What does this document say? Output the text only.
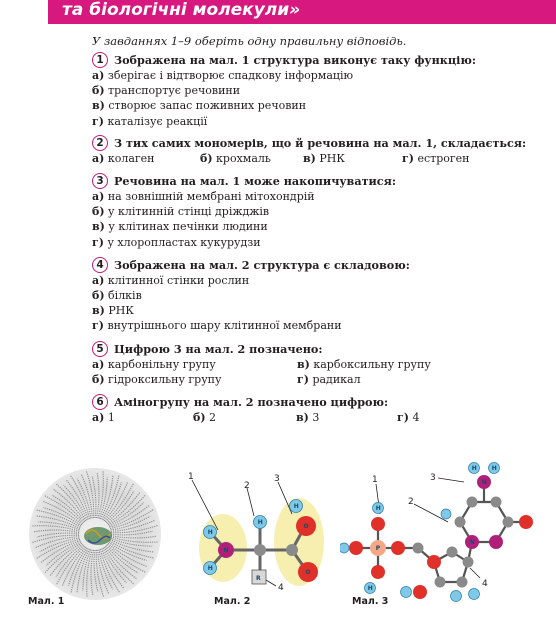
та біологічні молекули»
У завданнях 1–9 оберіть одну правильну відповідь.
1 Зображена на мал. 1 структура виконує таку функцію:
а) зберігає і відтворює спадкову інформацію
б) транспортує речовини
в) створює запас поживних речовин
г) каталізує реакції
2 З тих самих мономерів, що й речовина на мал. 1, складається:
а) колаген	б) крохмаль	в) РНК	г) естроген
3 Речовина на мал. 1 може накопичуватися:
а) на зовнішній мембрані мітохондрій
б) у клітинній стінці дріжджів
в) у клітинах печінки людини
г) у хлоропластах кукурудзи
4 Зображена на мал. 2 структура є складовою:
а) клітинної стінки рослин
б) білків
в) РНК
г) внутрішнього шару клітинної мембрани
5 Цифрою 3 на мал. 2 позначено:
а) карбонільну групу	в) карбоксильну групу
б) гідроксильну групу	г) радикал
6 Аміногрупу на мал. 2 позначено цифрою:
а) 1	б) 2	в) 3	г) 4
Мал. 1
1
2
3
4
N
H
H
H
R
O
O
H
Мал. 2
1
2
3
4
P
H
H
N
N
H H
Мал. 3
